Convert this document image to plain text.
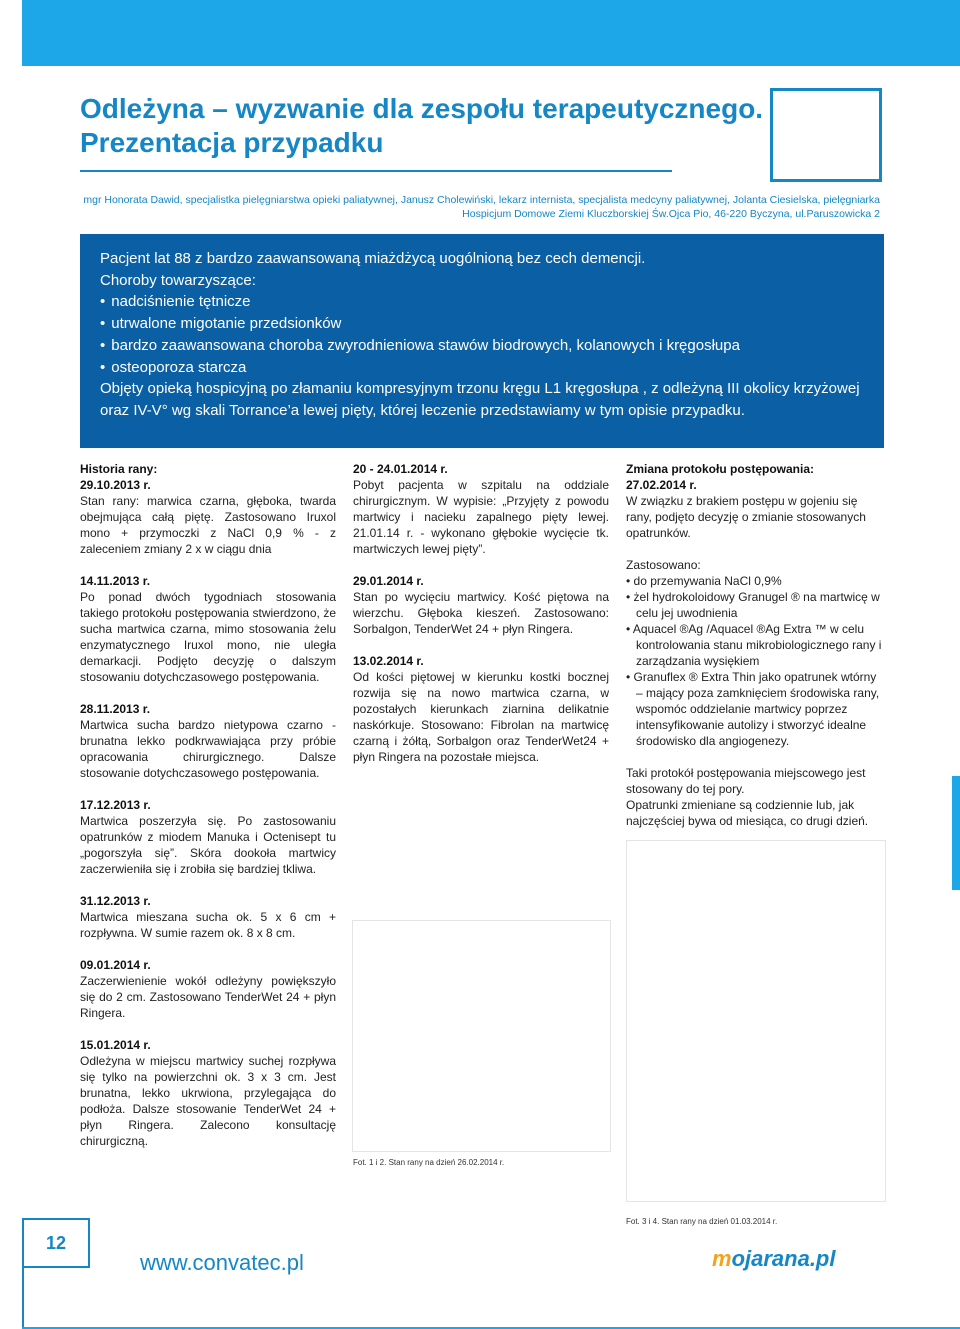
Odleżyna – wyzwanie dla zespołu terapeutycznego.
Prezentacja przypadku
mgr Honorata Dawid, specjalistka pielęgniarstwa opieki paliatywnej, Janusz Cholewiński, lekarz internista, specjalista medcyny paliatywnej, Jolanta Ciesielska, pielęgniarka
Hospicjum Domowe Ziemi Kluczborskiej Św.Ojca Pio, 46-220 Byczyna, ul.Paruszowicka 2

Pacjent lat 88 z bardzo zaawansowaną miażdżycą uogólnioną bez cech demencji.

Choroby towarzyszące:

• nadciśnienie tętnicze
• utrwalone migotanie przedsionków
• bardzo zaawansowana choroba zwyrodnieniowa stawów biodrowych, kolanowych i kręgosłupa
• osteoporoza starcza

Objęty opieką hospicyjną po złamaniu kompresyjnym trzonu kręgu L1 kręgosłupa , z odleżyną III okolicy krzyżowej oraz IV-V° wg skali Torrance’a lewej pięty, której leczenie przedstawiamy w tym opisie przypadku.

Historia rany:

29.10.2013 r.

Stan rany: marwica czarna, głęboka, twarda obejmująca całą piętę. Zastosowano Iruxol mono + przymoczki z NaCl 0,9 % - z zaleceniem zmiany 2 x w ciągu dnia

14.11.2013 r.

Po ponad dwóch tygodniach stosowania takiego protokołu postępowania stwierdzono, że sucha martwica czarna, mimo stosowania żelu enzymatycznego Iruxol mono, nie uległa demarkacji. Podjęto decyzję o dalszym stosowaniu dotychczasowego postępowania.

28.11.2013 r.

Martwica sucha bardzo nietypowa czarno - brunatna lekko podkrwawiająca przy próbie opracowania chirurgicznego. Dalsze stosowanie dotychczasowego postępowania.

17.12.2013 r.

Martwica poszerzyła się. Po zastosowaniu opatrunków z miodem Manuka i Octenisept tu „pogorszyła się”. Skóra dookoła martwicy zaczerwieniła się i zrobiła się bardziej tkliwa.

31.12.2013 r.

Martwica mieszana sucha ok. 5 x 6 cm + rozpływna. W sumie razem ok. 8 x 8 cm.

09.01.2014 r.

Zaczerwienienie wokół odleżyny powiększyło się do 2 cm. Zastosowano TenderWet 24 + płyn Ringera.

15.01.2014 r.

Odleżyna w miejscu martwicy suchej rozpływa się tylko na powierzchni ok. 3 x 3 cm. Jest brunatna, lekko ukrwiona, przylegająca do podłoża. Dalsze stosowanie TenderWet 24 + płyn Ringera. Zalecono konsultację chirurgiczną.

20 - 24.01.2014 r.

Pobyt pacjenta w szpitalu na oddziale chirurgicznym. W wypisie: „Przyjęty z powodu martwicy i nacieku zapalnego pięty lewej. 21.01.14 r. - wykonano głębokie wycięcie tk. martwiczych lewej pięty”.

29.01.2014 r.

Stan po wycięciu martwicy. Kość piętowa na wierzchu. Głęboka kieszeń. Zastosowano: Sorbalgon, TenderWet 24 + płyn Ringera.

13.02.2014 r.

Od kości piętowej w kierunku kostki bocznej rozwija się na nowo martwica czarna, w pozostałych kierunkach ziarnina delikatnie naskórkuje. Stosowano: Fibrolan na martwicę czarną i żółtą, Sorbalgon oraz TenderWet24 + płyn Ringera na pozostałe miejsca.

Fot. 1 i 2. Stan rany na dzień 26.02.2014 r.

Zmiana protokołu postępowania:

27.02.2014 r.

W związku z brakiem postępu w gojeniu się rany, podjęto decyzję o zmianie stosowanych opatrunków.

Zastosowano:

• do przemywania NaCl 0,9%
• żel hydrokoloidowy Granugel ® na martwicę w celu jej uwodnienia
• Aquacel ®Ag /Aquacel ®Ag Extra ™ w celu kontrolowania stanu mikrobiologicznego rany i zarządzania wysiękiem
• Granuflex ® Extra Thin jako opatrunek wtórny – mający poza zamknięciem środowiska rany, wspomóc oddzielanie martwicy poprzez intensyfikowanie autolizy i stworzyć idealne środowisko dla angiogenezy.

Taki protokół postępowania miejscowego jest stosowany do tej pory.

Opatrunki zmieniane są codziennie lub, jak najczęściej bywa od miesiąca, co drugi dzień.

Fot. 3 i 4. Stan rany na dzień 01.03.2014 r.
12
www.convatec.pl	mojarana.pl
